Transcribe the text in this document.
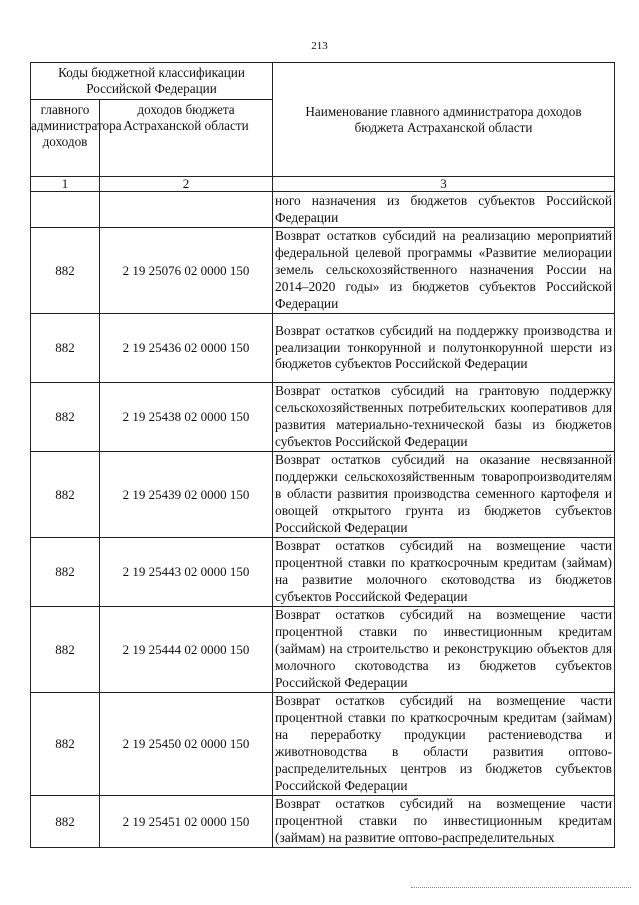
213
Коды бюджетной классификации Российской Федерации		Наименование главного администратора доходов бюджета Астраханской области
главного администратора доходов	доходов бюджета Астраханской области	
1	2	3
		ного назначения из бюджетов субъектов Российской Федерации
882	2 19 25076 02 0000 150	Возврат остатков субсидий на реализацию мероприятий федеральной целевой программы «Развитие мелиорации земель сельскохозяйственного назначения России на 2014–2020 годы» из бюджетов субъектов Российской Федерации
882	2 19 25436 02 0000 150	Возврат остатков субсидий на поддержку производства и реализации тонкорунной и полутонкорунной шерсти из бюджетов субъектов Российской Федерации
882	2 19 25438 02 0000 150	Возврат остатков субсидий на грантовую поддержку сельскохозяйственных потребительских кооперативов для развития материально-технической базы из бюджетов субъектов Российской Федерации
882	2 19 25439 02 0000 150	Возврат остатков субсидий на оказание несвязанной поддержки сельскохозяйственным товаропроизводителям в области развития производства семенного картофеля и овощей открытого грунта из бюджетов субъектов Российской Федерации
882	2 19 25443 02 0000 150	Возврат остатков субсидий на возмещение части процентной ставки по краткосрочным кредитам (займам) на развитие молочного скотоводства из бюджетов субъектов Российской Федерации
882	2 19 25444 02 0000 150	Возврат остатков субсидий на возмещение части процентной ставки по инвестиционным кредитам (займам) на строительство и реконструкцию объектов для молочного скотоводства из бюджетов субъектов Российской Федерации
882	2 19 25450 02 0000 150	Возврат остатков субсидий на возмещение части процентной ставки по краткосрочным кредитам (займам) на переработку продукции растениеводства и животноводства в области развития оптово-распределительных центров из бюджетов субъектов Российской Федерации
882	2 19 25451 02 0000 150	Возврат остатков субсидий на возмещение части процентной ставки по инвестиционным кредитам (займам) на развитие оптово-распределительных
